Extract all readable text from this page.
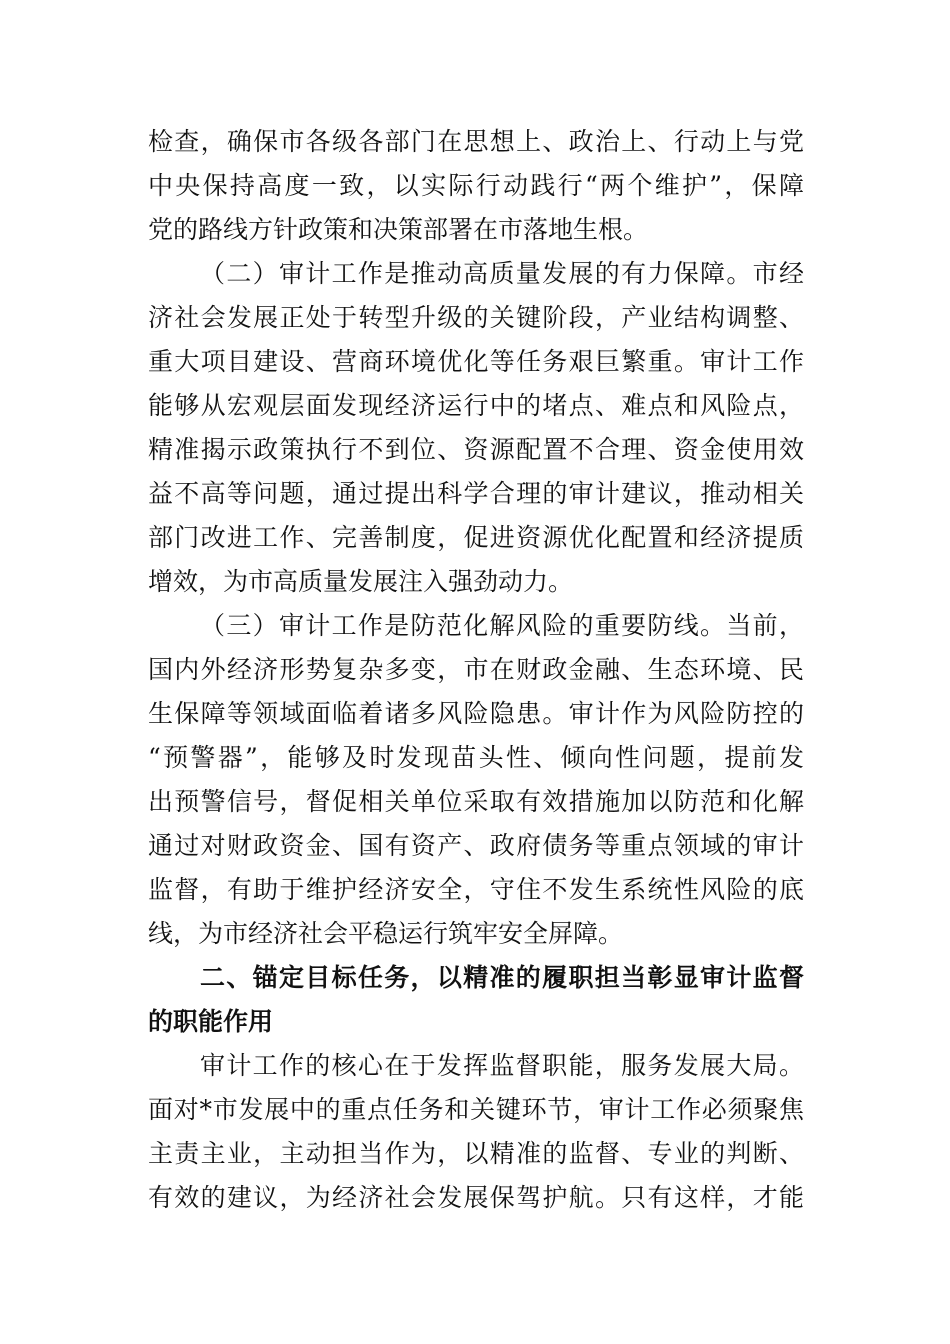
检查，确保市各级各部门在思想上、政治上、行动上与党
中央保持高度一致，以实际行动践行“两个维护”，保障
党的路线方针政策和决策部署在市落地生根。
（二）审计工作是推动高质量发展的有力保障。市经
济社会发展正处于转型升级的关键阶段，产业结构调整、
重大项目建设、营商环境优化等任务艰巨繁重。审计工作
能够从宏观层面发现经济运行中的堵点、难点和风险点，
精准揭示政策执行不到位、资源配置不合理、资金使用效
益不高等问题，通过提出科学合理的审计建议，推动相关
部门改进工作、完善制度，促进资源优化配置和经济提质
增效，为市高质量发展注入强劲动力。
（三）审计工作是防范化解风险的重要防线。当前，
国内外经济形势复杂多变，市在财政金融、生态环境、民
生保障等领域面临着诸多风险隐患。审计作为风险防控的
“预警器”，能够及时发现苗头性、倾向性问题，提前发
出预警信号，督促相关单位采取有效措施加以防范和化解
通过对财政资金、国有资产、政府债务等重点领域的审计
监督，有助于维护经济安全，守住不发生系统性风险的底
线，为市经济社会平稳运行筑牢安全屏障。
二、锚定目标任务，以精准的履职担当彰显审计监督
的职能作用
审计工作的核心在于发挥监督职能，服务发展大局。
面对*市发展中的重点任务和关键环节，审计工作必须聚焦
主责主业，主动担当作为，以精准的监督、专业的判断、
有效的建议，为经济社会发展保驾护航。只有这样，才能
